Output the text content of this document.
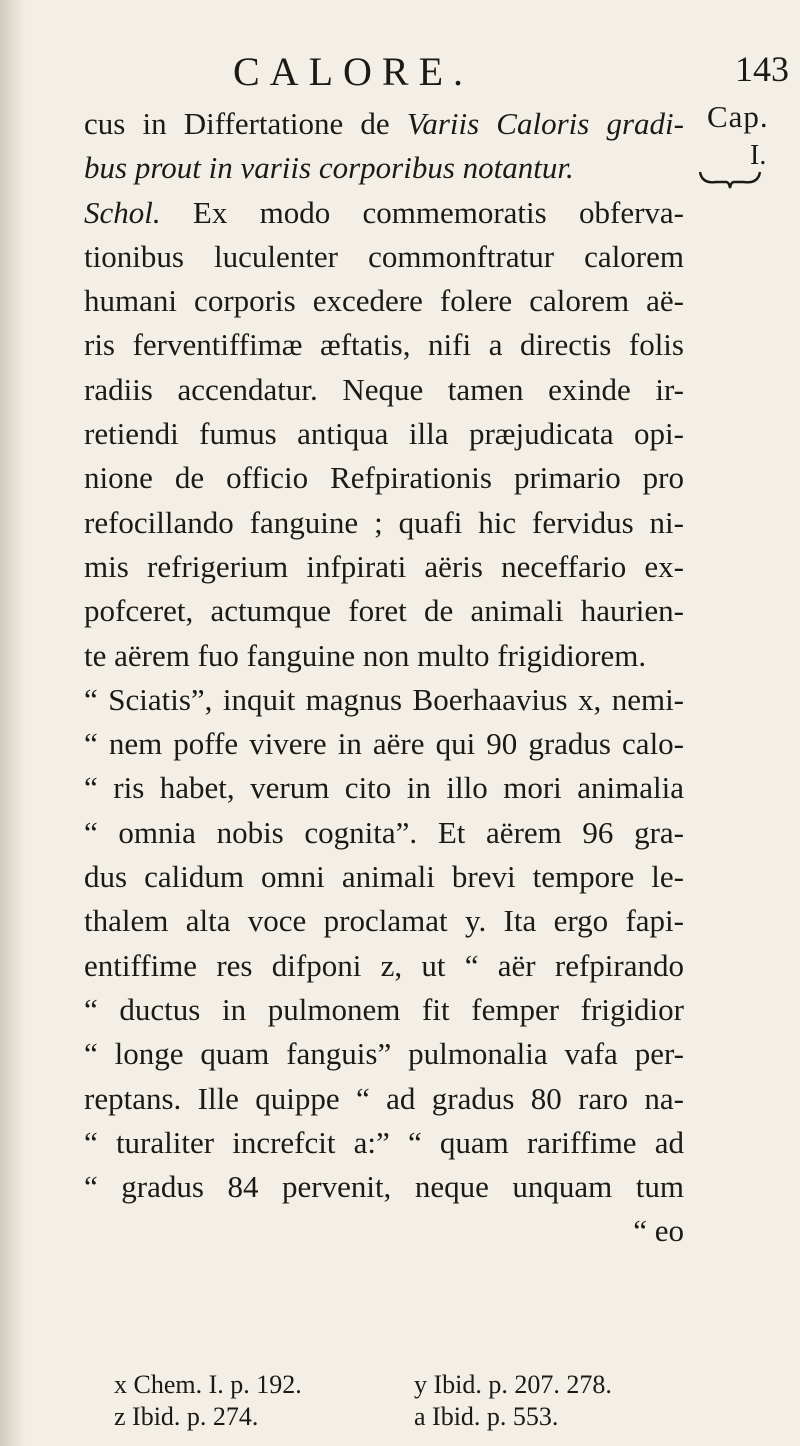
CALORE.	143
Cap.
I.
cus in Differtatione de Variis Caloris gradi-
bus prout in variis corporibus notantur.
Schol. Ex modo commemoratis obferva-
tionibus luculenter commonftratur calorem
humani corporis excedere folere calorem aë-
ris ferventiffimæ æftatis, nifi a directis folis
radiis accendatur. Neque tamen exinde ir-
retiendi fumus antiqua illa præjudicata opi-
nione de officio Refpirationis primario pro
refocillando fanguine ; quafi hic fervidus ni-
mis refrigerium infpirati aëris neceffario ex-
pofceret, actumque foret de animali haurien-
te aërem fuo fanguine non multo frigidiorem.
“ Sciatis”, inquit magnus Boerhaavius x, nemi-
“ nem poffe vivere in aëre qui 90 gradus calo-
“ ris habet, verum cito in illo mori animalia
“ omnia nobis cognita”. Et aërem 96 gra-
dus calidum omni animali brevi tempore le-
thalem alta voce proclamat y. Ita ergo fapi-
entiffime res difponi z, ut “ aër refpirando
“ ductus in pulmonem fit femper frigidior
“ longe quam fanguis” pulmonalia vafa per-
reptans. Ille quippe “ ad gradus 80 raro na-
“ turaliter increfcit a:” “ quam rariffime ad
“ gradus 84 pervenit, neque unquam tum
“ eo
x Chem. I. p. 192.	y Ibid. p. 207. 278.
z Ibid. p. 274.	a Ibid. p. 553.
